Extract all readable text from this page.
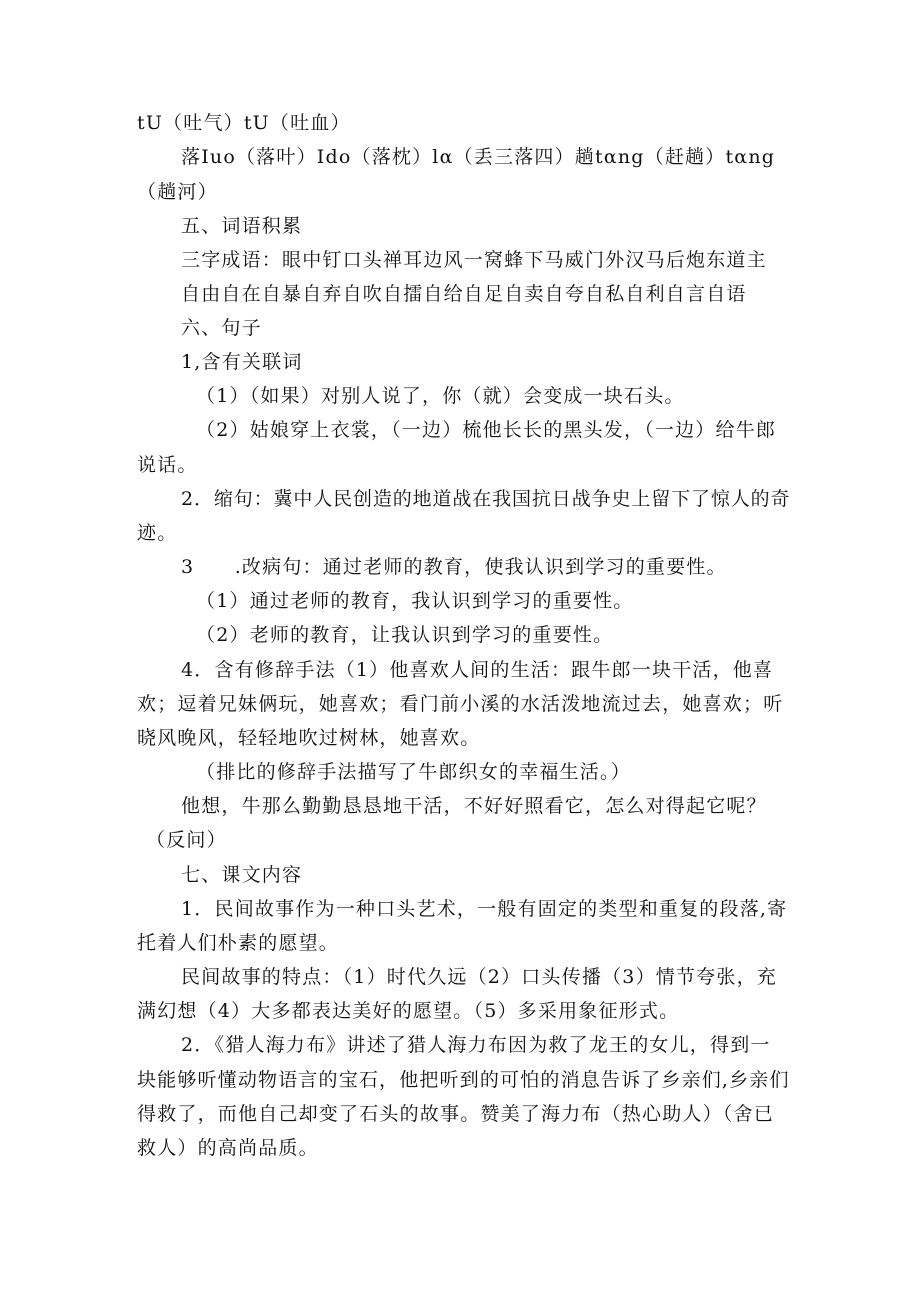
tU（吐气）tU（吐血）
落Iuo（落叶）Ido（落枕）lα（丢三落四）趟tαng（赶趟）tαng
（趟河）
五、词语积累
三字成语：眼中钉口头禅耳边风一窝蜂下马威门外汉马后炮东道主
自由自在自暴自弃自吹自擂自给自足自卖自夸自私自利自言自语
六、句子
1,含有关联词
（1）（如果）对别人说了，你（就）会变成一块石头。
（2）姑娘穿上衣裳，（一边）梳他长长的黑头发，（一边）给牛郎
说话。
2．缩句：冀中人民创造的地道战在我国抗日战争史上留下了惊人的奇
迹。
3　　.改病句：通过老师的教育，使我认识到学习的重要性。
（1）通过老师的教育，我认识到学习的重要性。
（2）老师的教育，让我认识到学习的重要性。
4．含有修辞手法（1）他喜欢人间的生活：跟牛郎一块干活，他喜
欢；逗着兄妹俩玩，她喜欢；看门前小溪的水活泼地流过去，她喜欢；听
晓风晚风，轻轻地吹过树林，她喜欢。
（排比的修辞手法描写了牛郎织女的幸福生活。）
他想，牛那么勤勤恳恳地干活，不好好照看它，怎么对得起它呢？
（反问）
七、课文内容
1．民间故事作为一种口头艺术，一般有固定的类型和重复的段落,寄
托着人们朴素的愿望。
民间故事的特点：（1）时代久远（2）口头传播（3）情节夸张，充
满幻想（4）大多都表达美好的愿望。（5）多采用象征形式。
2．《猎人海力布》讲述了猎人海力布因为救了龙王的女儿，得到一
块能够听懂动物语言的宝石，他把听到的可怕的消息告诉了乡亲们,乡亲们
得救了，而他自己却变了石头的故事。赞美了海力布（热心助人）（舍已
救人）的高尚品质。
